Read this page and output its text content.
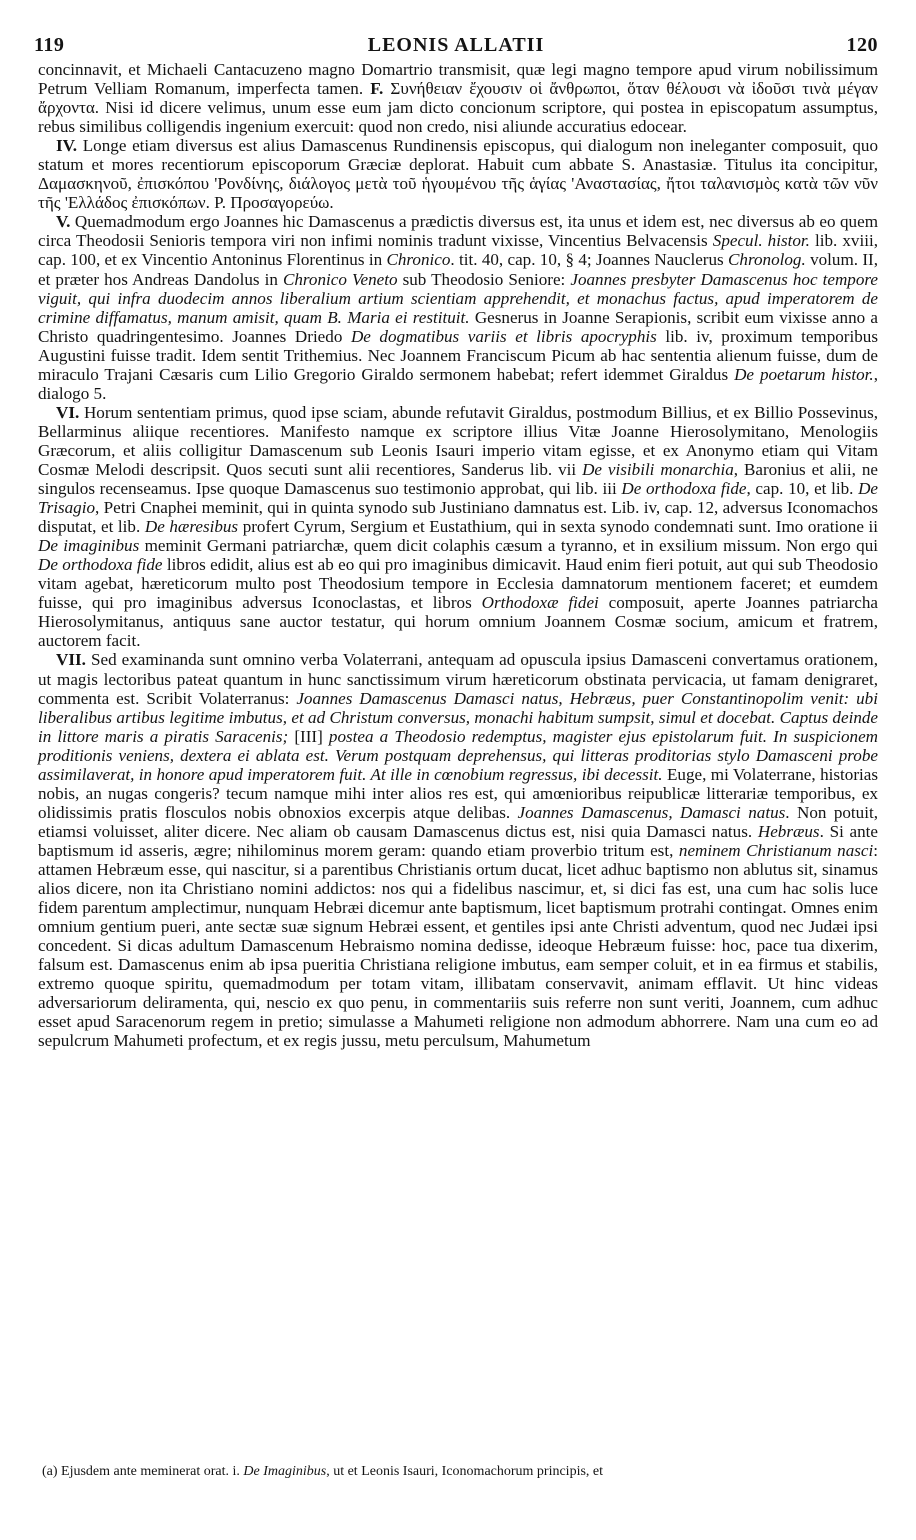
119	LEONIS ALLATII	120

concinnavit, et Michaeli Cantacuzeno magno Domartrio transmisit, quæ legi magno tempore apud virum nobilissimum Petrum Velliam Romanum, imperfecta tamen. F. Συνήθειαν ἔχουσιν οἱ ἄνθρωποι, ὅταν θέλουσι νὰ ἰδοῦσι τινὰ μέγαν ἄρχοντα. Nisi id dicere velimus, unum esse eum jam dicto concionum scriptore, qui postea in episcopatum assumptus, rebus similibus colligendis ingenium exercuit: quod non credo, nisi aliunde accuratius edocear.

IV. Longe etiam diversus est alius Damascenus Rundinensis episcopus, qui dialogum non ineleganter composuit, quo statum et mores recentiorum episcoporum Græciæ deplorat. Habuit cum abbate S. Anastasiæ. Titulus ita concipitur, Δαμασκηνοῦ, ἐπισκόπου 'Ρονδίνης, διάλογος μετὰ τοῦ ἡγουμένου τῆς ἁγίας 'Αναστασίας, ἤτοι ταλανισμὸς κατὰ τῶν νῦν τῆς 'Ελλάδος ἐπισκόπων. Ρ. Προσαγορεύω.

V. Quemadmodum ergo Joannes hic Damascenus a prædictis diversus est, ita unus et idem est, nec diversus ab eo quem circa Theodosii Senioris tempora viri non infimi nominis tradunt vixisse, Vincentius Belvacensis Specul. histor. lib. xviii, cap. 100, et ex Vincentio Antoninus Florentinus in Chronico. tit. 40, cap. 10, § 4; Joannes Nauclerus Chronolog. volum. II, et præter hos Andreas Dandolus in Chronico Veneto sub Theodosio Seniore: Joannes presbyter Damascenus hoc tempore viguit, qui infra duodecim annos liberalium artium scientiam apprehendit, et monachus factus, apud imperatorem de crimine diffamatus, manum amisit, quam B. Maria ei restituit. Gesnerus in Joanne Serapionis, scribit eum vixisse anno a Christo quadringentesimo. Joannes Driedo De dogmatibus variis et libris apocryphis lib. iv, proximum temporibus Augustini fuisse tradit. Idem sentit Trithemius. Nec Joannem Franciscum Picum ab hac sententia alienum fuisse, dum de miraculo Trajani Cæsaris cum Lilio Gregorio Giraldo sermonem habebat; refert idemmet Giraldus De poetarum histor., dialogo 5.

VI. Horum sententiam primus, quod ipse sciam, abunde refutavit Giraldus, postmodum Billius, et ex Billio Possevinus, Bellarminus aliique recentiores. Manifesto namque ex scriptore illius Vitæ Joanne Hierosolymitano, Menologiis Græcorum, et aliis colligitur Damascenum sub Leonis Isauri imperio vitam egisse, et ex Anonymo etiam qui Vitam Cosmæ Melodi descripsit. Quos secuti sunt alii recentiores, Sanderus lib. vii De visibili monarchia, Baronius et alii, ne singulos recenseamus. Ipse quoque Damascenus suo testimonio approbat, qui lib. iii De orthodoxa fide, cap. 10, et lib. De Trisagio, Petri Cnaphei meminit, qui in quinta synodo sub Justiniano damnatus est. Lib. iv, cap. 12, adversus Iconomachos disputat, et lib. De hæresibus profert Cyrum, Sergium et Eustathium, qui in sexta synodo condemnati sunt. Imo oratione ii De imaginibus meminit Germani patriarchæ, quem dicit colaphis cæsum a tyranno, et in exsilium missum. Non ergo qui De orthodoxa fide libros edidit, alius est ab eo qui pro imaginibus dimicavit. Haud enim fieri potuit, aut qui sub Theodosio vitam agebat, hæreticorum multo post Theodosium tempore in Ecclesia damnatorum mentionem faceret; et eumdem fuisse, qui pro imaginibus adversus Iconoclastas, et libros Orthodoxæ fidei composuit, aperte Joannes patriarcha Hierosolymitanus, antiquus sane auctor testatur, qui horum omnium Joannem Cosmæ socium, amicum et fratrem, auctorem facit.

VII. Sed examinanda sunt omnino verba Volaterrani, antequam ad opuscula ipsius Damasceni convertamus orationem, ut magis lectoribus pateat quantum in hunc sanctissimum virum hæreticorum obstinata pervicacia, ut famam denigraret, commenta est. Scribit Volaterranus: Joannes Damascenus Damasci natus, Hebræus, puer Constantinopolim venit: ubi liberalibus artibus legitime imbutus, et ad Christum conversus, monachi habitum sumpsit, simul et docebat. Captus deinde in littore maris a piratis Saracenis; [III] postea a Theodosio redemptus, magister ejus epistolarum fuit. In suspicionem proditionis veniens, dextera ei ablata est. Verum postquam deprehensus, qui litteras proditorias stylo Damasceni probe assimilaverat, in honore apud imperatorem fuit. At ille in cœnobium regressus, ibi decessit. Euge, mi Volaterrane, historias nobis, an nugas congeris? tecum namque mihi inter alios res est, qui amœnioribus reipublicæ litterariæ temporibus, ex olidissimis pratis flosculos nobis obnoxios excerpis atque delibas. Joannes Damascenus, Damasci natus. Non potuit, etiamsi voluisset, aliter dicere. Nec aliam ob causam Damascenus dictus est, nisi quia Damasci natus. Hebræus. Si ante baptismum id asseris, ægre; nihilominus morem geram: quando etiam proverbio tritum est, neminem Christianum nasci: attamen Hebræum esse, qui nascitur, si a parentibus Christianis ortum ducat, licet adhuc baptismo non ablutus sit, sinamus alios dicere, non ita Christiano nomini addictos: nos qui a fidelibus nascimur, et, si dici fas est, una cum hac solis luce fidem parentum amplectimur, nunquam Hebræi dicemur ante baptismum, licet baptismum protrahi contingat. Omnes enim omnium gentium pueri, ante sectæ suæ signum Hebræi essent, et gentiles ipsi ante Christi adventum, quod nec Judæi ipsi concedent. Si dicas adultum Damascenum Hebraismo nomina dedisse, ideoque Hebræum fuisse: hoc, pace tua dixerim, falsum est. Damascenus enim ab ipsa pueritia Christiana religione imbutus, eam semper coluit, et in ea firmus et stabilis, extremo quoque spiritu, quemadmodum per totam vitam, illibatam conservavit, animam efflavit. Ut hinc videas adversariorum deliramenta, qui, nescio ex quo penu, in commentariis suis referre non sunt veriti, Joannem, cum adhuc esset apud Saracenorum regem in pretio; simulasse a Mahumeti religione non admodum abhorrere. Nam una cum eo ad sepulcrum Mahumeti profectum, et ex regis jussu, metu perculsum, Mahumetum

(a) Ejusdem ante meminerat orat. i. De Imaginibus, ut et Leonis Isauri, Iconomachorum principis, et
